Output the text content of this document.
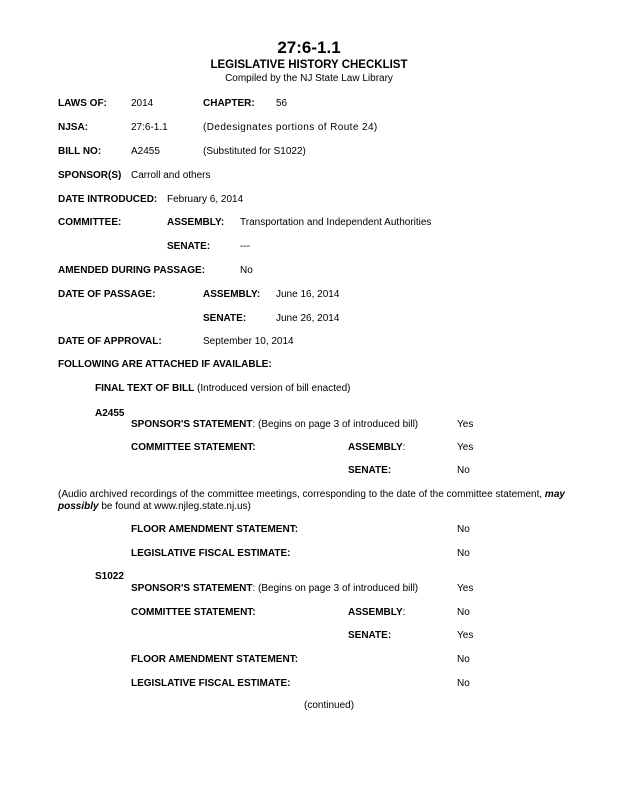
27:6-1.1
LEGISLATIVE HISTORY CHECKLIST
Compiled by the NJ State Law Library
LAWS OF: 2014	CHAPTER: 56
NJSA:	27:6-1.1	(Dedesignates portions of Route 24)
BILL NO:	A2455	(Substituted for S1022)
SPONSOR(S) Carroll and others
DATE INTRODUCED: February 6, 2014
COMMITTEE:	ASSEMBLY: Transportation and Independent Authorities
SENATE:	---
AMENDED DURING PASSAGE:	No
DATE OF PASSAGE:	ASSEMBLY: June 16, 2014
SENATE:	June 26, 2014
DATE OF APPROVAL:	September 10, 2014
FOLLOWING ARE ATTACHED IF AVAILABLE:
FINAL TEXT OF BILL (Introduced version of bill enacted)
A2455
SPONSOR'S STATEMENT: (Begins on page 3 of introduced bill)	Yes
COMMITTEE STATEMENT:	ASSEMBLY:	Yes
SENATE:	No
(Audio archived recordings of the committee meetings, corresponding to the date of the committee statement, may possibly be found at www.njleg.state.nj.us)
FLOOR AMENDMENT STATEMENT:	No
LEGISLATIVE FISCAL ESTIMATE:	No
S1022
SPONSOR'S STATEMENT: (Begins on page 3 of introduced bill)	Yes
COMMITTEE STATEMENT:	ASSEMBLY:	No
SENATE:	Yes
FLOOR AMENDMENT STATEMENT:	No
LEGISLATIVE FISCAL ESTIMATE:	No
(continued)
